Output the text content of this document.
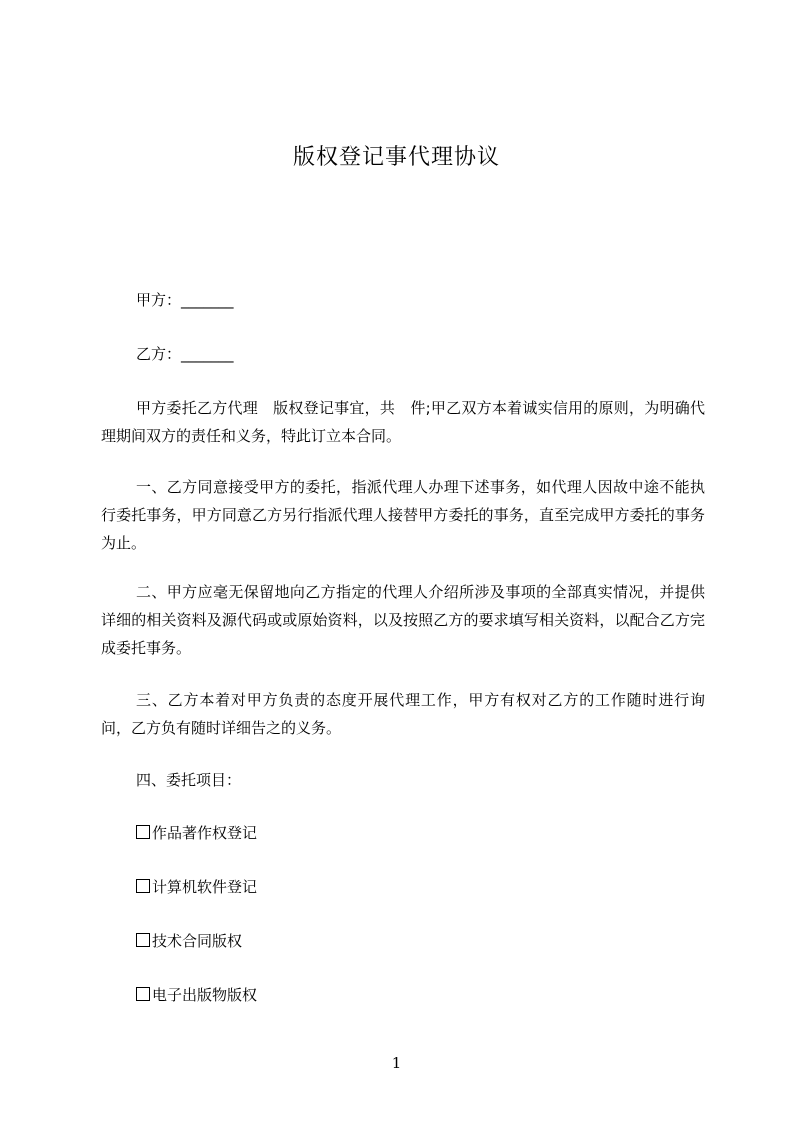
版权登记事代理协议
甲方：_______
乙方：_______
甲方委托乙方代理　版权登记事宜，共　件;甲乙双方本着诚实信用的原则，为明确代理期间双方的责任和义务，特此订立本合同。
一、乙方同意接受甲方的委托，指派代理人办理下述事务，如代理人因故中途不能执行委托事务，甲方同意乙方另行指派代理人接替甲方委托的事务，直至完成甲方委托的事务为止。
二、甲方应毫无保留地向乙方指定的代理人介绍所涉及事项的全部真实情况，并提供详细的相关资料及源代码或或原始资料，以及按照乙方的要求填写相关资料，以配合乙方完成委托事务。
三、乙方本着对甲方负责的态度开展代理工作，甲方有权对乙方的工作随时进行询问，乙方负有随时详细告之的义务。
四、委托项目：
作品著作权登记
计算机软件登记
技术合同版权
电子出版物版权
1
